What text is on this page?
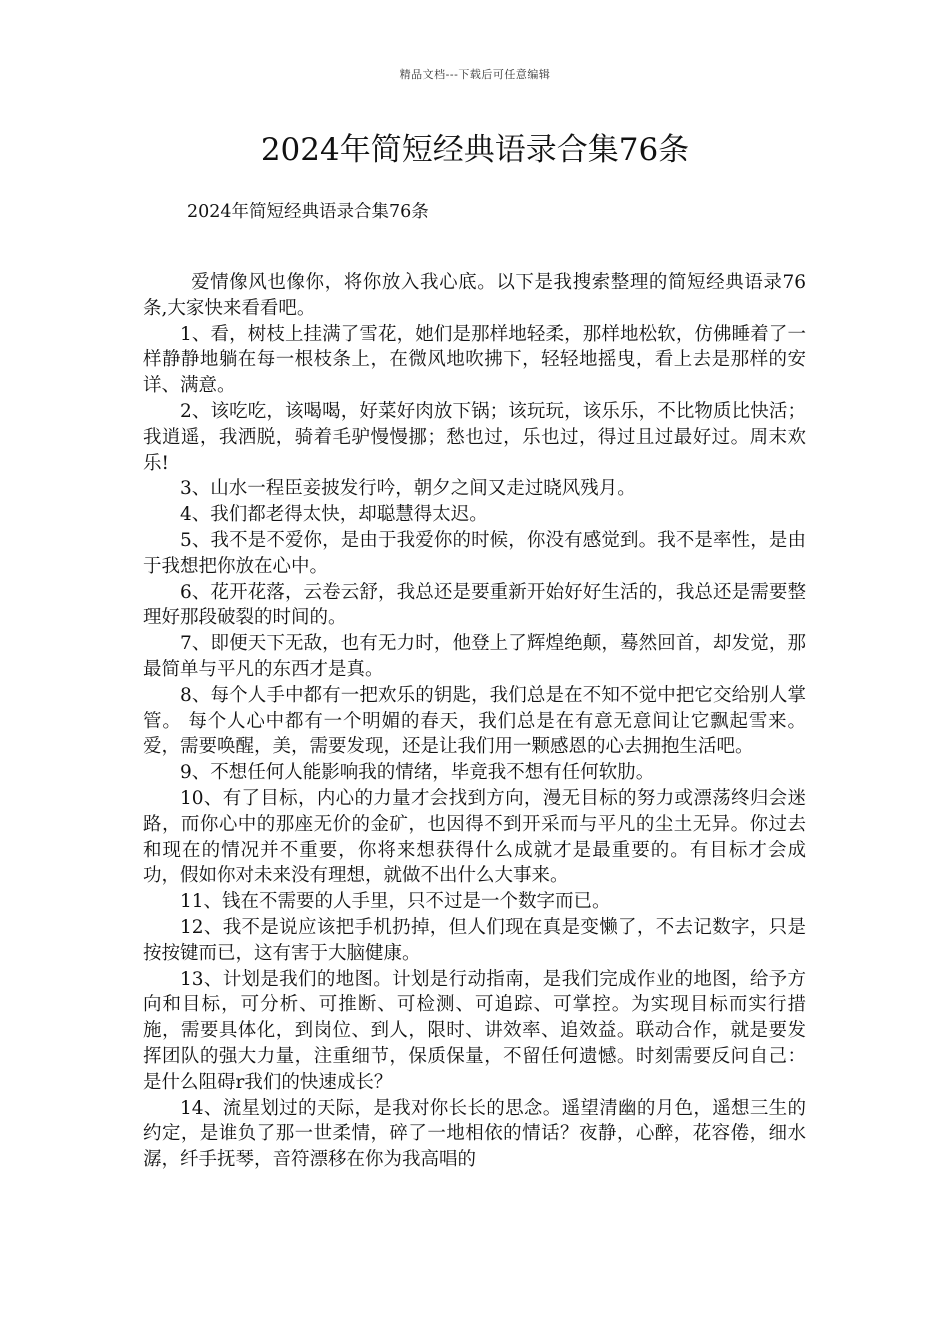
精品文档---下载后可任意编辑
2024年简短经典语录合集76条

2024年简短经典语录合集76条

爱情像风也像你，将你放入我心底。以下是我搜索整理的简短经典语录76条,大家快来看看吧。

1、看，树枝上挂满了雪花，她们是那样地轻柔，那样地松软，仿佛睡着了一样静静地躺在每一根枝条上，在微风地吹拂下，轻轻地摇曳，看上去是那样的安详、满意。

2、该吃吃，该喝喝，好菜好肉放下锅；该玩玩，该乐乐，不比物质比快活；我逍遥，我洒脱，骑着毛驴慢慢挪；愁也过，乐也过，得过且过最好过。周末欢乐!

3、山水一程臣妾披发行吟，朝夕之间又走过晓风残月。

4、我们都老得太快，却聪慧得太迟。

5、我不是不爱你，是由于我爱你的时候，你没有感觉到。我不是率性，是由于我想把你放在心中。

6、花开花落，云卷云舒，我总还是要重新开始好好生活的，我总还是需要整理好那段破裂的时间的。

7、即便天下无敌，也有无力时，他登上了辉煌绝颠，蓦然回首，却发觉，那最简单与平凡的东西才是真。

8、每个人手中都有一把欢乐的钥匙，我们总是在不知不觉中把它交给别人掌管。 每个人心中都有一个明媚的春天，我们总是在有意无意间让它飘起雪来。 爱，需要唤醒，美，需要发现，还是让我们用一颗感恩的心去拥抱生活吧。

9、不想任何人能影响我的情绪，毕竟我不想有任何软肋。

10、有了目标，内心的力量才会找到方向，漫无目标的努力或漂荡终归会迷路，而你心中的那座无价的金矿，也因得不到开采而与平凡的尘土无异。你过去和现在的情况并不重要，你将来想获得什么成就才是最重要的。有目标才会成功，假如你对未来没有理想，就做不出什么大事来。

11、钱在不需要的人手里，只不过是一个数字而已。

12、我不是说应该把手机扔掉，但人们现在真是变懒了，不去记数字，只是按按键而已，这有害于大脑健康。

13、计划是我们的地图。计划是行动指南，是我们完成作业的地图，给予方向和目标，可分析、可推断、可检测、可追踪、可掌控。为实现目标而实行措施，需要具体化，到岗位、到人，限时、讲效率、追效益。联动合作，就是要发挥团队的强大力量，注重细节，保质保量，不留任何遗憾。时刻需要反问自己：是什么阻碍r我们的快速成长？

14、流星划过的天际，是我对你长长的思念。遥望清幽的月色，遥想三生的约定，是谁负了那一世柔情，碎了一地相依的情话？夜静，心醉，花容倦，细水潺，纤手抚琴，音符漂移在你为我高唱的
